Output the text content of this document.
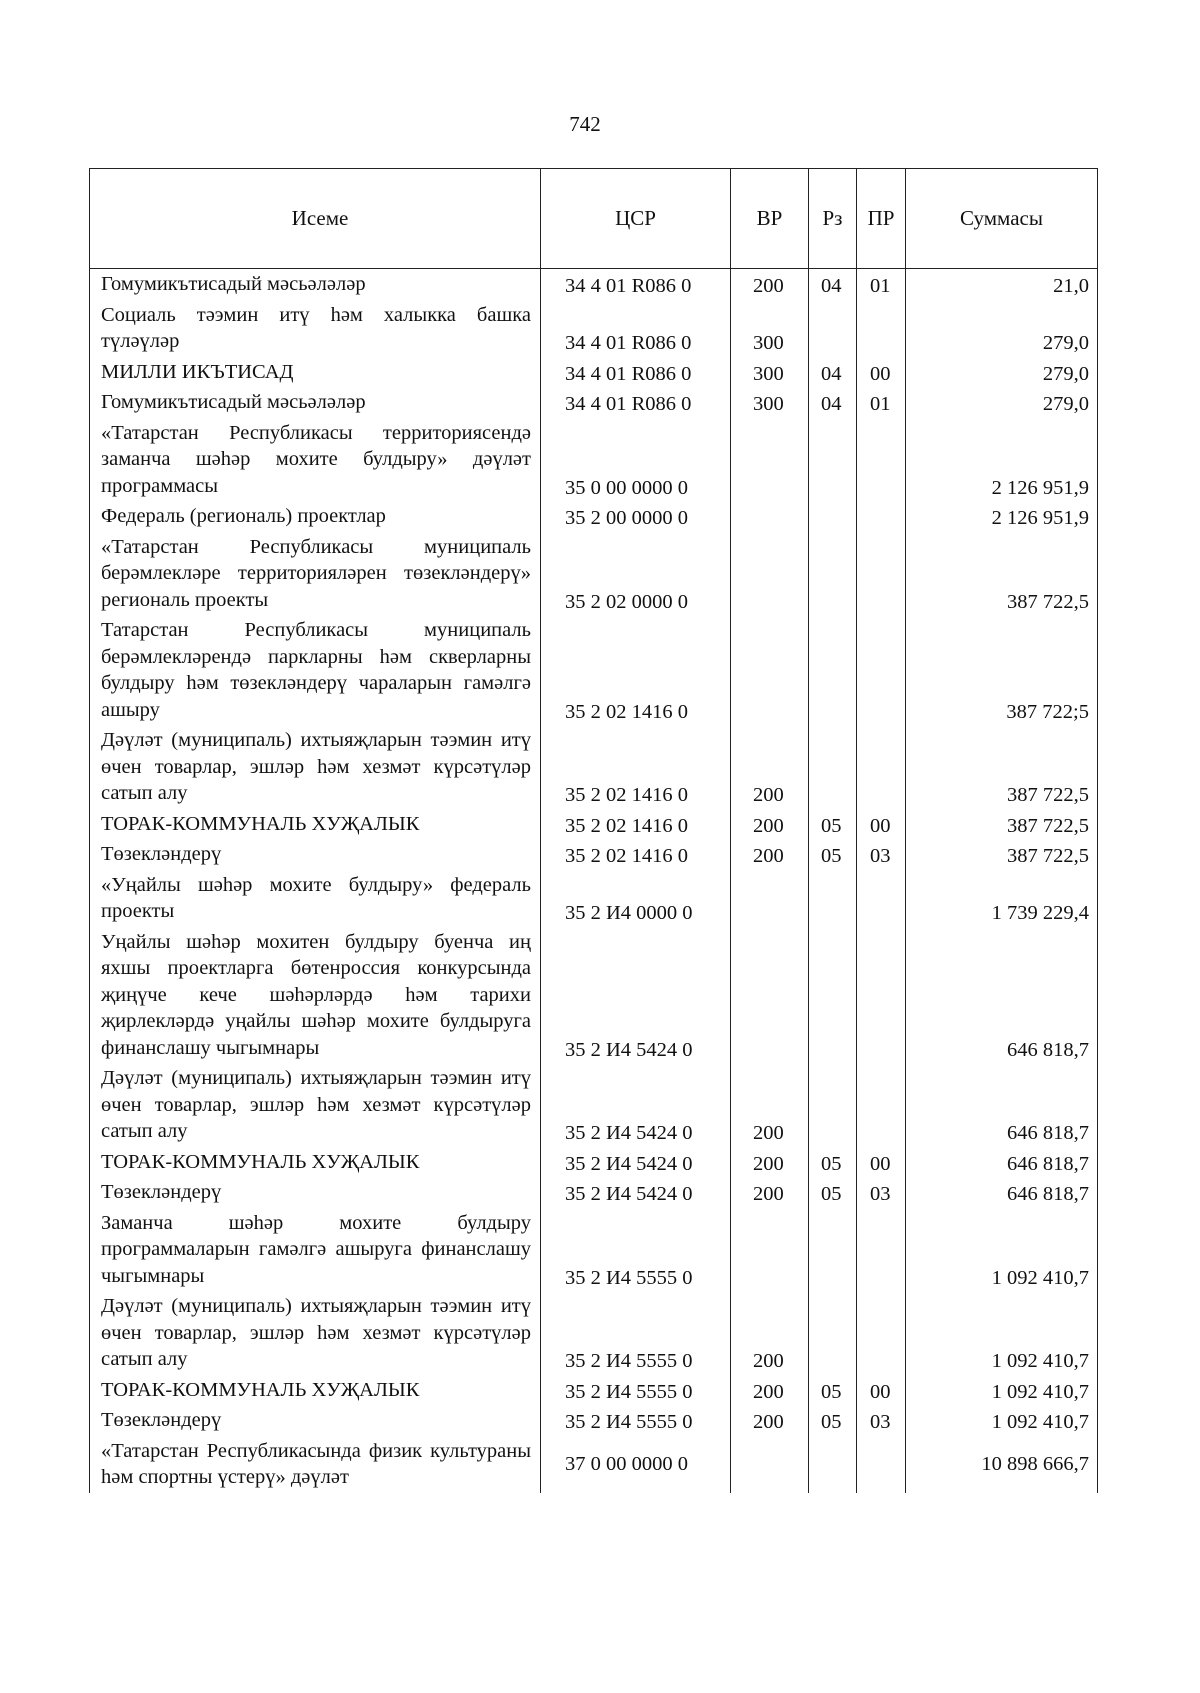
742
Исеме	ЦСР	ВР	Рз	ПР	Суммасы
Гомумикътисадый мәсьәләләр	34 4 01 R086 0	200	04	01	21,0
Социаль тәэмин итү һәм халыкка башка түләүләр	34 4 01 R086 0	300			279,0
МИЛЛИ ИКЪТИСАД	34 4 01 R086 0	300	04	00	279,0
Гомумикътисадый мәсьәләләр	34 4 01 R086 0	300	04	01	279,0
«Татарстан Республикасы территориясендә заманча шәһәр мохите булдыру» дәүләт программасы	35 0 00 0000 0				2 126 951,9
Федераль (региональ) проектлар	35 2 00 0000 0				2 126 951,9
«Татарстан Республикасы муниципаль берәмлекләре территорияләрен төзекләндерү» региональ проекты	35 2 02 0000 0				387 722,5
Татарстан Республикасы муниципаль берәмлекләрендә паркларны һәм скверларны булдыру һәм төзекләндерү чараларын гамәлгә ашыру	35 2 02 1416 0				387 722;5
Дәүләт (муниципаль) ихтыяҗларын тәэмин итү өчен товарлар, эшләр һәм хезмәт күрсәтүләр сатып алу	35 2 02 1416 0	200			387 722,5
ТОРАК-КОММУНАЛЬ ХУҖАЛЫК	35 2 02 1416 0	200	05	00	387 722,5
Төзекләндерү	35 2 02 1416 0	200	05	03	387 722,5
«Уңайлы шәһәр мохите булдыру» федераль проекты	35 2 И4 0000 0				1 739 229,4
Уңайлы шәһәр мохитен булдыру буенча иң яхшы проектларга бөтенроссия конкурсында җиңүче кече шәһәрләрдә һәм тарихи җирлекләрдә уңайлы шәһәр мохите булдыруга финанслашу чыгымнары	35 2 И4 5424 0				646 818,7
Дәүләт (муниципаль) ихтыяҗларын тәэмин итү өчен товарлар, эшләр һәм хезмәт күрсәтүләр сатып алу	35 2 И4 5424 0	200			646 818,7
ТОРАК-КОММУНАЛЬ ХУҖАЛЫК	35 2 И4 5424 0	200	05	00	646 818,7
Төзекләндерү	35 2 И4 5424 0	200	05	03	646 818,7
Заманча шәһәр мохите булдыру программаларын гамәлгә ашыруга финанслашу чыгымнары	35 2 И4 5555 0				1 092 410,7
Дәүләт (муниципаль) ихтыяҗларын тәэмин итү өчен товарлар, эшләр һәм хезмәт күрсәтүләр сатып алу	35 2 И4 5555 0	200			1 092 410,7
ТОРАК-КОММУНАЛЬ ХУҖАЛЫК	35 2 И4 5555 0	200	05	00	1 092 410,7
Төзекләндерү	35 2 И4 5555 0	200	05	03	1 092 410,7
«Татарстан Республикасында физик культураны һәм спортны үстерү» дәүләт	37 0 00 0000 0				10 898 666,7
